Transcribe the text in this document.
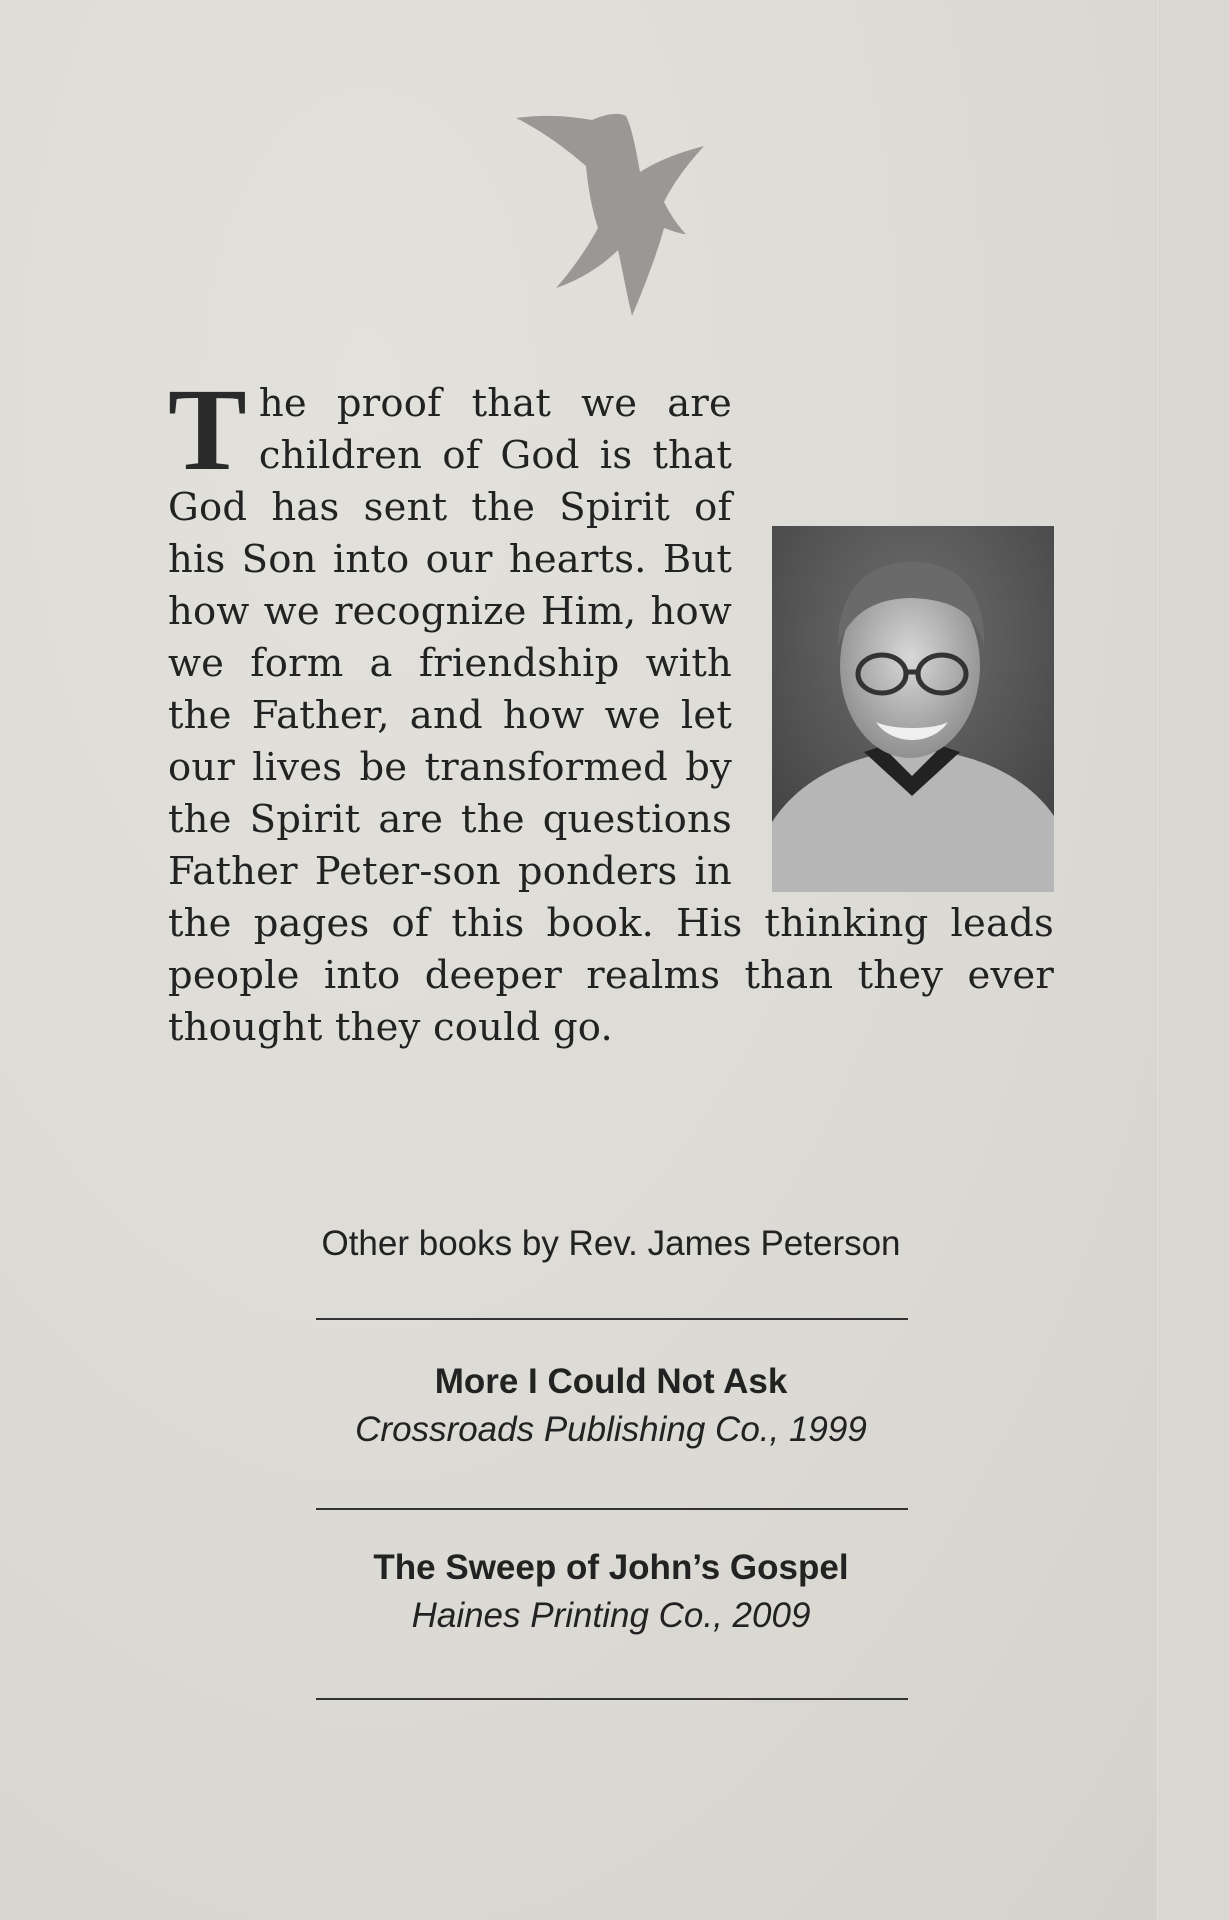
T he proof that we are children of God is that God has sent the Spirit of his Son into our hearts. But how we recognize Him, how we form a friendship with the Father, and how we let our lives be transformed by the Spirit are the questions Father Peter-son ponders in the pages of this book. His thinking leads people into deeper realms than they ever thought they could go.

Other books by Rev. James Peterson

More I Could Not Ask

Crossroads Publishing Co., 1999

The Sweep of John’s Gospel

Haines Printing Co., 2009
